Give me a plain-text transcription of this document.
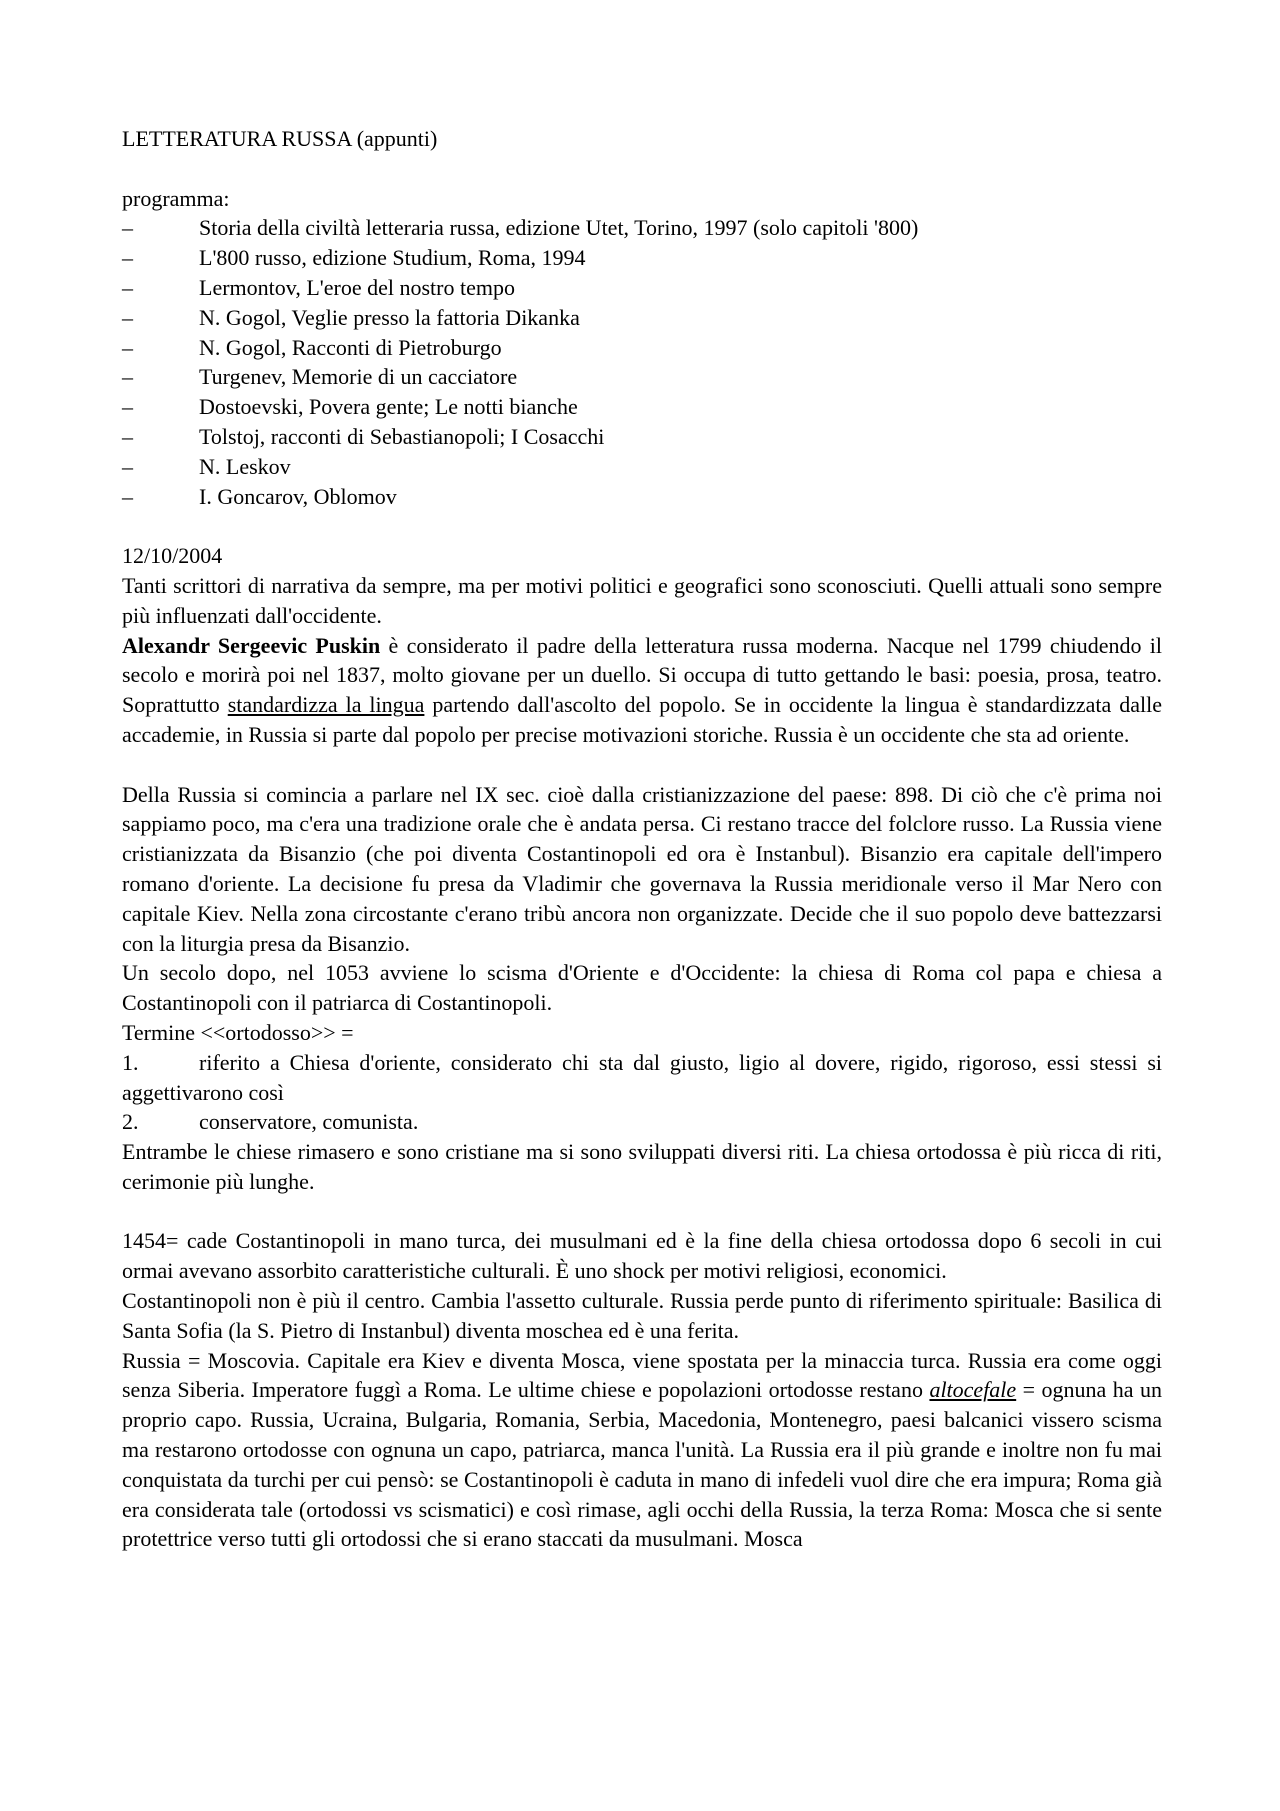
LETTERATURA RUSSA (appunti)

programma:

–	Storia della civiltà letteraria russa, edizione Utet, Torino, 1997 (solo capitoli '800)
–	L'800 russo, edizione Studium, Roma, 1994
–	Lermontov, L'eroe del nostro tempo
–	N. Gogol, Veglie presso la fattoria Dikanka
–	N. Gogol, Racconti di Pietroburgo
–	Turgenev, Memorie di un cacciatore
–	Dostoevski, Povera gente; Le notti bianche
–	Tolstoj, racconti di Sebastianopoli; I Cosacchi
–	N. Leskov
–	I. Goncarov, Oblomov

12/10/2004

Tanti scrittori di narrativa da sempre, ma per motivi politici e geografici sono sconosciuti. Quelli attuali sono sempre più influenzati dall'occidente.

Alexandr Sergeevic Puskin è considerato il padre della letteratura russa moderna. Nacque nel 1799 chiudendo il secolo e morirà poi nel 1837, molto giovane per un duello. Si occupa di tutto gettando le basi: poesia, prosa, teatro. Soprattutto standardizza la lingua partendo dall'ascolto del popolo. Se in occidente la lingua è standardizzata dalle accademie, in Russia si parte dal popolo per precise motivazioni storiche. Russia è un occidente che sta ad oriente.

Della Russia si comincia a parlare nel IX sec. cioè dalla cristianizzazione del paese: 898. Di ciò che c'è prima noi sappiamo poco, ma c'era una tradizione orale che è andata persa. Ci restano tracce del folclore russo. La Russia viene cristianizzata da Bisanzio (che poi diventa Costantinopoli ed ora è Instanbul). Bisanzio era capitale dell'impero romano d'oriente. La decisione fu presa da Vladimir che governava la Russia meridionale verso il Mar Nero con capitale Kiev. Nella zona circostante c'erano tribù ancora non organizzate. Decide che il suo popolo deve battezzarsi con la liturgia presa da Bisanzio.

Un secolo dopo, nel 1053 avviene lo scisma d'Oriente e d'Occidente: la chiesa di Roma col papa e chiesa a Costantinopoli con il patriarca di Costantinopoli.

Termine <<ortodosso>> =

1.	riferito a Chiesa d'oriente, considerato chi sta dal giusto, ligio al dovere, rigido, rigoroso, essi stessi si aggettivarono così

2.	conservatore, comunista.

Entrambe le chiese rimasero e sono cristiane ma si sono sviluppati diversi riti. La chiesa ortodossa è più ricca di riti, cerimonie più lunghe.

1454= cade Costantinopoli in mano turca, dei musulmani ed è la fine della chiesa ortodossa dopo 6 secoli in cui ormai avevano assorbito caratteristiche culturali. È uno shock per motivi religiosi, economici.

Costantinopoli non è più il centro. Cambia l'assetto culturale. Russia perde punto di riferimento spirituale: Basilica di Santa Sofia (la S. Pietro di Instanbul) diventa moschea ed è una ferita.

Russia = Moscovia. Capitale era Kiev e diventa Mosca, viene spostata per la minaccia turca. Russia era come oggi senza Siberia. Imperatore fuggì a Roma. Le ultime chiese e popolazioni ortodosse restano altocefale = ognuna ha un proprio capo. Russia, Ucraina, Bulgaria, Romania, Serbia, Macedonia, Montenegro, paesi balcanici vissero scisma ma restarono ortodosse con ognuna un capo, patriarca, manca l'unità. La Russia era il più grande e inoltre non fu mai conquistata da turchi per cui pensò: se Costantinopoli è caduta in mano di infedeli vuol dire che era impura; Roma già era considerata tale (ortodossi vs scismatici) e così rimase, agli occhi della Russia, la terza Roma: Mosca che si sente protettrice verso tutti gli ortodossi che si erano staccati da musulmani. Mosca
